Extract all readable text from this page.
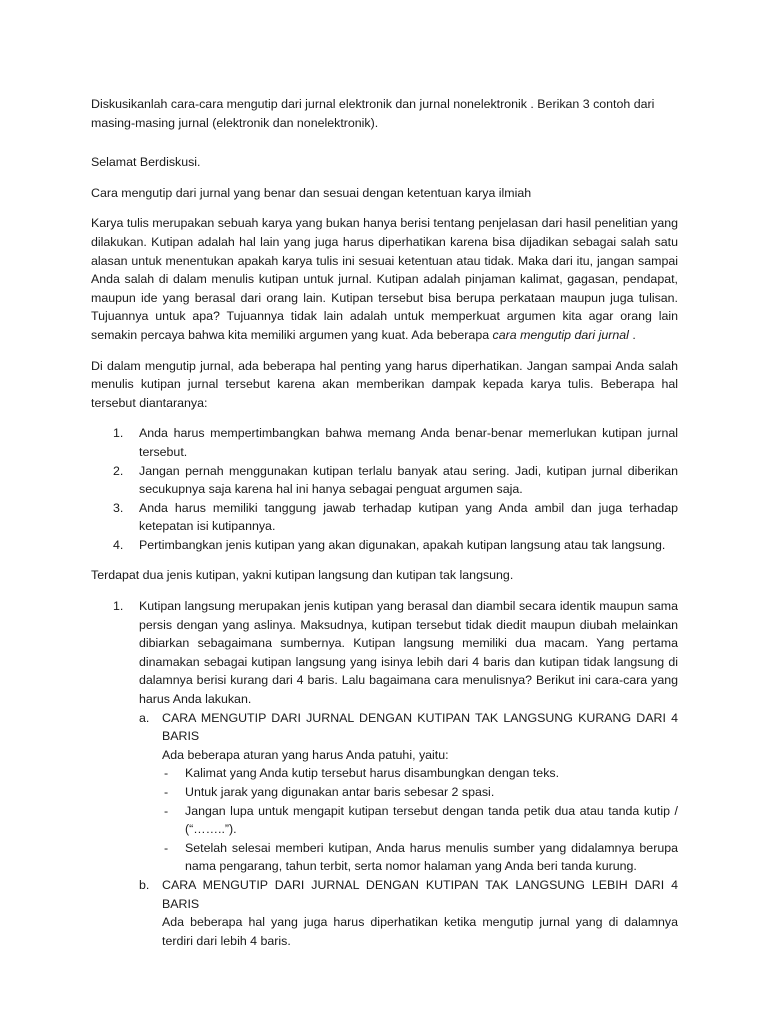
Diskusikanlah cara-cara mengutip dari jurnal elektronik dan jurnal nonelektronik . Berikan 3 contoh dari masing-masing jurnal (elektronik dan nonelektronik).

Selamat Berdiskusi.

Cara mengutip dari jurnal yang benar dan sesuai dengan ketentuan karya ilmiah

Karya tulis merupakan sebuah karya yang bukan hanya berisi tentang penjelasan dari hasil penelitian yang dilakukan. Kutipan adalah hal lain yang juga harus diperhatikan karena bisa dijadikan sebagai salah satu alasan untuk menentukan apakah karya tulis ini sesuai ketentuan atau tidak. Maka dari itu, jangan sampai Anda salah di dalam menulis kutipan untuk jurnal. Kutipan adalah pinjaman kalimat, gagasan, pendapat, maupun ide yang berasal dari orang lain. Kutipan tersebut bisa berupa perkataan maupun juga tulisan. Tujuannya untuk apa? Tujuannya tidak lain adalah untuk memperkuat argumen kita agar orang lain semakin percaya bahwa kita memiliki argumen yang kuat. Ada beberapa cara mengutip dari jurnal .

Di dalam mengutip jurnal, ada beberapa hal penting yang harus diperhatikan. Jangan sampai Anda salah menulis kutipan jurnal tersebut karena akan memberikan dampak kepada karya tulis. Beberapa hal tersebut diantaranya:

1. Anda harus mempertimbangkan bahwa memang Anda benar-benar memerlukan kutipan jurnal tersebut.
2. Jangan pernah menggunakan kutipan terlalu banyak atau sering. Jadi, kutipan jurnal diberikan secukupnya saja karena hal ini hanya sebagai penguat argumen saja.
3. Anda harus memiliki tanggung jawab terhadap kutipan yang Anda ambil dan juga terhadap ketepatan isi kutipannya.
4. Pertimbangkan jenis kutipan yang akan digunakan, apakah kutipan langsung atau tak langsung.

Terdapat dua jenis kutipan, yakni kutipan langsung dan kutipan tak langsung.

1. Kutipan langsung merupakan jenis kutipan yang berasal dan diambil secara identik maupun sama persis dengan yang aslinya. Maksudnya, kutipan tersebut tidak diedit maupun diubah melainkan dibiarkan sebagaimana sumbernya. Kutipan langsung memiliki dua macam. Yang pertama dinamakan sebagai kutipan langsung yang isinya lebih dari 4 baris dan kutipan tidak langsung di dalamnya berisi kurang dari 4 baris. Lalu bagaimana cara menulisnya? Berikut ini cara-cara yang harus Anda lakukan.

a. CARA MENGUTIP DARI JURNAL DENGAN KUTIPAN TAK LANGSUNG KURANG DARI 4 BARIS

Ada beberapa aturan yang harus Anda patuhi, yaitu:

- Kalimat yang Anda kutip tersebut harus disambungkan dengan teks.
- Untuk jarak yang digunakan antar baris sebesar 2 spasi.
- Jangan lupa untuk mengapit kutipan tersebut dengan tanda petik dua atau tanda kutip / (“……..”).
- Setelah selesai memberi kutipan, Anda harus menulis sumber yang didalamnya berupa nama pengarang, tahun terbit, serta nomor halaman yang Anda beri tanda kurung.
b. CARA MENGUTIP DARI JURNAL DENGAN KUTIPAN TAK LANGSUNG LEBIH DARI 4 BARIS

Ada beberapa hal yang juga harus diperhatikan ketika mengutip jurnal yang di dalamnya terdiri dari lebih 4 baris.
